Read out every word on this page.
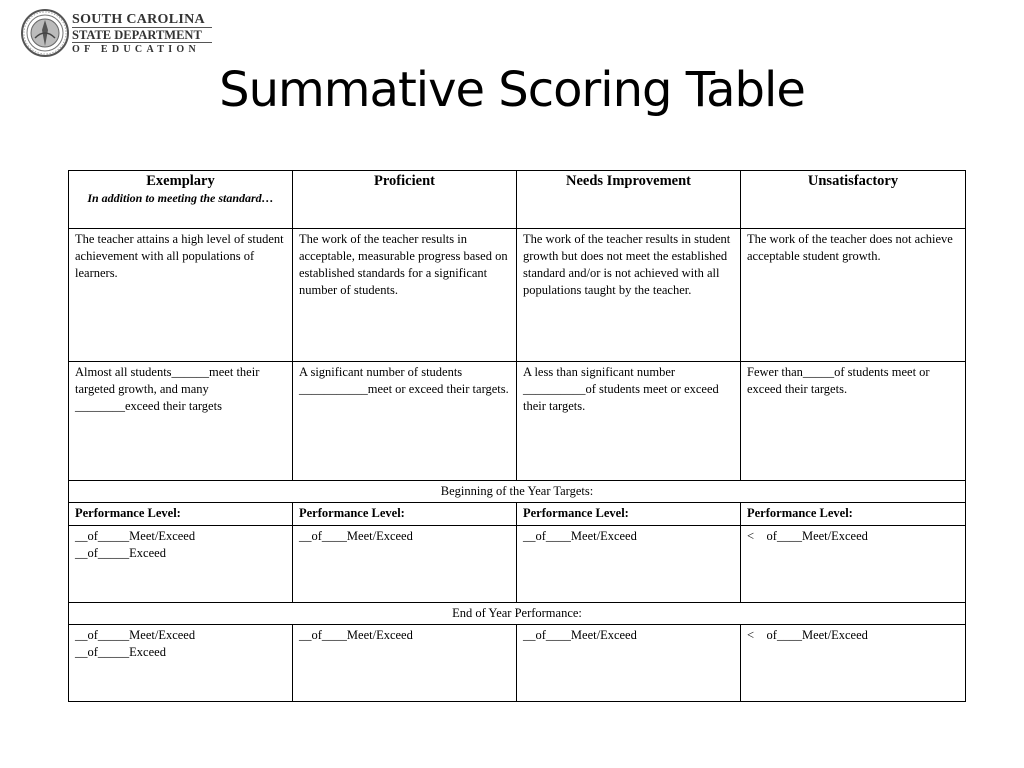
SOUTH CAROLINA
STATE DEPARTMENT
OF EDUCATION
Summative Scoring Table
Exemplary
In addition to meeting the standard…	Proficient	Needs Improvement	Unsatisfactory
The teacher attains a high level of student achievement with all populations of learners.	The work of the teacher results in acceptable, measurable progress based on established standards for a significant number of students.	The work of the teacher results in student growth but does not meet the established standard and/or is not achieved with all populations taught by the teacher.	The work of the teacher does not achieve acceptable student growth.
Almost all students______meet their targeted growth, and many ________exceed their targets	A significant number of students ___________meet or exceed their targets.	A less than significant number __________of students meet or exceed their targets.	Fewer than_____of students meet or exceed their targets.
Beginning of the Year Targets:			
Performance Level:	Performance Level:	Performance Level:	Performance Level:

__of_____Meet/Exceed
__of_____Exceed	__of____Meet/Exceed	__of____Meet/Exceed	<    of____Meet/Exceed

End of Year Performance:			

__of_____Meet/Exceed
__of_____Exceed	__of____Meet/Exceed	__of____Meet/Exceed	<    of____Meet/Exceed
